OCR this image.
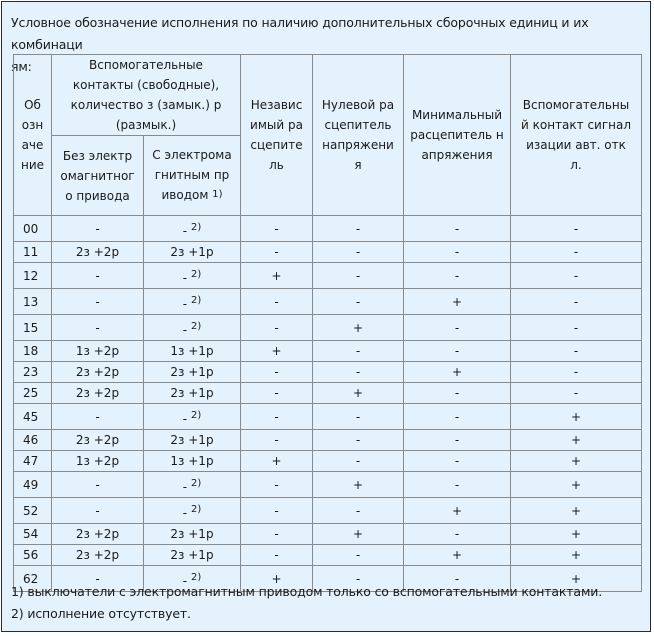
Условное обозначение исполнения по наличию дополнительных сборочных единиц и их комбинаци
ям:
Об
озн
аче
ние	Вспомогательные контакты (свободные), количество з (замык.) р (размык.)		Независимый расцепитель	Нулевой расцепитель напряжения	Минимальный расцепитель напряжения	Вспомогательный контакт сигнализации авт. откл.
	Без электромагнитного привода	С электромагнитным приводом $^{1)}$
00	-	- $^{2)}$	-	-	-	-
11	2з +2р	2з +1р	-	-	-	-
12	-	- $^{2)}$	+	-	-	-
13	-	- $^{2)}$	-	-	+	-
15	-	- $^{2)}$	-	+	-	-
18	1з +2р	1з +1р	+	-	-	-
23	2з +2р	2з +1р	-	-	+	-
25	2з +2р	2з +1р	-	+	-	-
45	-	- $^{2)}$	-	-	-	+
46	2з +2р	2з +1р	-	-	-	+
47	1з +2р	1з +1р	+	-	-	+
49	-	- $^{2)}$	-	+	-	+
52	-	- $^{2)}$	-	-	+	+
54	2з +2р	2з +1р	-	+	-	+
56	2з +2р	2з +1р	-	-	+	+
62	-	- $^{2)}$	+	-	-	+
1) выключатели с электромагнитным приводом только со вспомогательными контактами.
2) исполнение отсутствует.
